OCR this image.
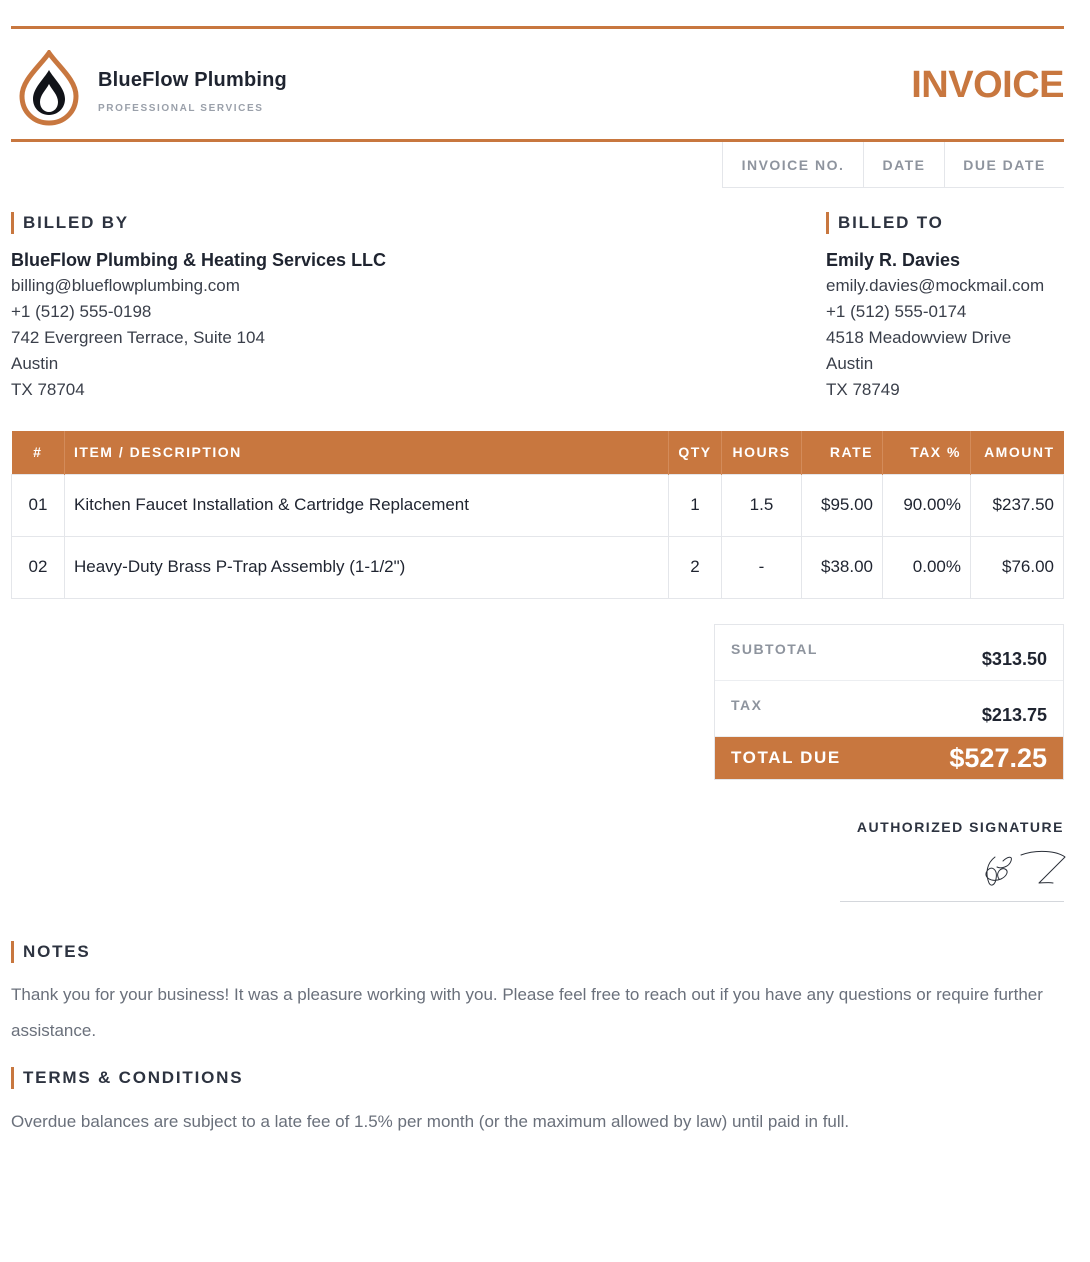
BlueFlow Plumbing
PROFESSIONAL SERVICES
INVOICE
INVOICE NO.	DATE	DUE DATE
BILLED BY
BlueFlow Plumbing & Heating Services LLC
billing@blueflowplumbing.com
+1 (512) 555-0198
742 Evergreen Terrace, Suite 104
Austin
TX 78704
BILLED TO
Emily R. Davies
emily.davies@mockmail.com
+1 (512) 555-0174
4518 Meadowview Drive
Austin
TX 78749
#	ITEM / DESCRIPTION	QTY	HOURS	RATE	TAX %	AMOUNT
01	Kitchen Faucet Installation & Cartridge Replacement	1	1.5	$95.00	90.00%	$237.50
02	Heavy-Duty Brass P-Trap Assembly (1-1/2")	2	-	$38.00	0.00%	$76.00
SUBTOTAL	$313.50
TAX	$213.75
TOTAL DUE	$527.25
AUTHORIZED SIGNATURE
NOTES
Thank you for your business! It was a pleasure working with you. Please feel free to reach out if you have any questions or require further assistance.
TERMS & CONDITIONS
Overdue balances are subject to a late fee of 1.5% per month (or the maximum allowed by law) until paid in full.
